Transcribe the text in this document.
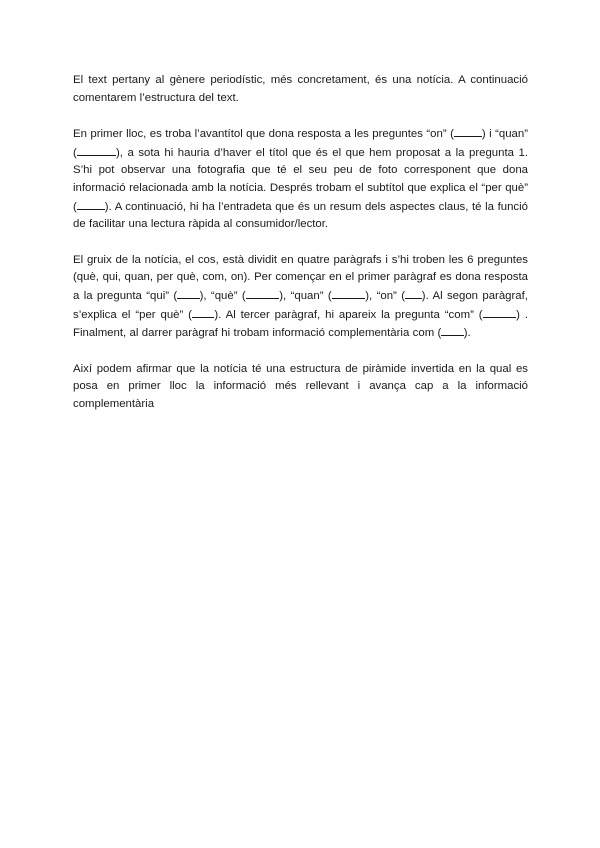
El text pertany al gènere periodístic, més concretament, és una notícia. A continuació comentarem l’estructura del text.

En primer lloc, es troba l’avantítol que dona resposta a les preguntes “on” ( ) i “quan” (	), a sota hi hauria d’haver el títol que és el que hem proposat a la pregunta 1. S’hi pot observar una fotografia que té el seu peu de foto corresponent que dona informació relacionada amb la notícia. Després trobam el subtítol que explica el “per què” ( ). A continuació, hi ha l’entradeta que és un resum dels aspectes claus, té la funció de facilitar una lectura ràpida al consumidor/lector.

El gruix de la notícia, el cos, està dividit en quatre paràgrafs i s’hi troben les 6 preguntes (què, qui, quan, per què, com, on). Per començar en el primer paràgraf es dona resposta a la pregunta “qui” ( ), “què” (	), “quan” (	), “on” ( ). Al segon paràgraf, s’explica el “per què” ( ). Al tercer paràgraf, hi apareix la pregunta “com” (	) . Finalment, al darrer paràgraf hi trobam informació complementària com ( ).

Així podem afirmar que la notícia té una estructura de piràmide invertida en la qual es posa en primer lloc la informació més rellevant i avança cap a la informació complementària
